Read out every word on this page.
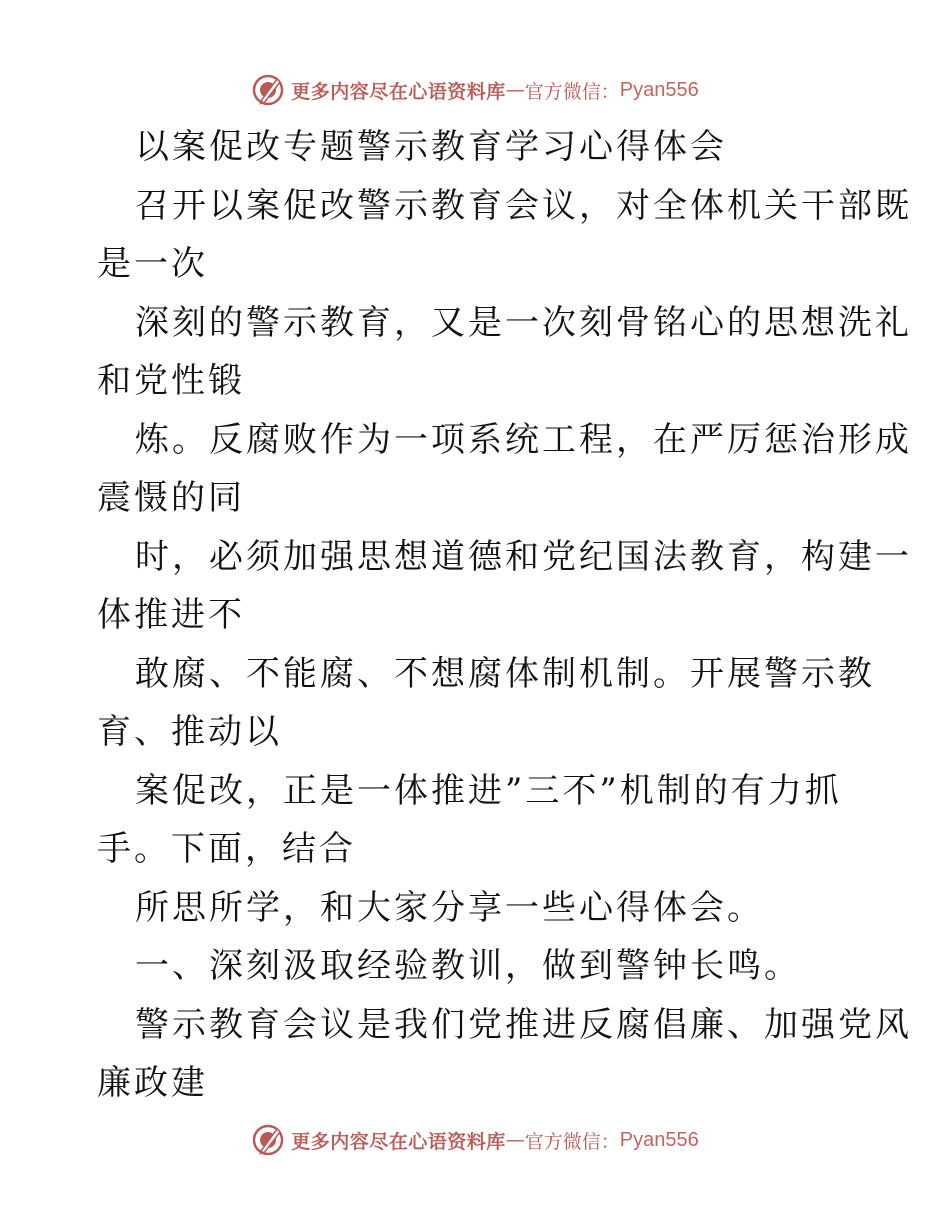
更多内容尽在心语资料库 — 官方微信： Pyan556
以案促改专题警示教育学习心得体会
召开以案促改警示教育会议，对全体机关干部既
是一次
深刻的警示教育，又是一次刻骨铭心的思想洗礼
和党性锻
炼。反腐败作为一项系统工程，在严厉惩治形成
震慑的同
时，必须加强思想道德和党纪国法教育，构建一
体推进不
敢腐、不能腐、不想腐体制机制。开展警示教
育、推动以
案促改，正是一体推进”三不”机制的有力抓
手。下面，结合
所思所学，和大家分享一些心得体会。
一、深刻汲取经验教训，做到警钟长鸣。
警示教育会议是我们党推进反腐倡廉、加强党风
廉政建
更多内容尽在心语资料库 — 官方微信： Pyan556
